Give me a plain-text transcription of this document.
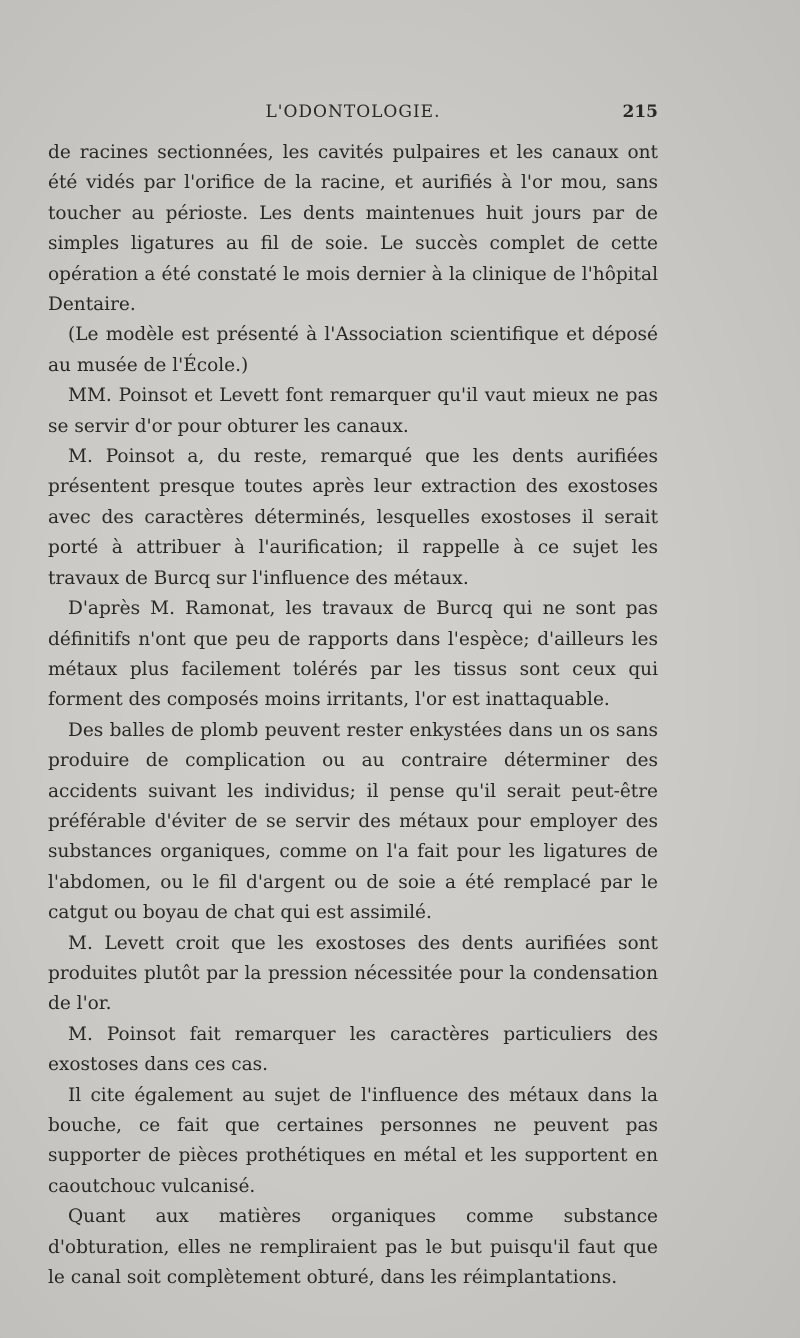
L'ODONTOLOGIE.	215

de racines sectionnées, les cavités pulpaires et les canaux ont été vidés par l'orifice de la racine, et aurifiés à l'or mou, sans toucher au périoste. Les dents maintenues huit jours par de simples ligatures au fil de soie. Le succès complet de cette opération a été constaté le mois dernier à la clinique de l'hôpital Dentaire.

(Le modèle est présenté à l'Association scientifique et déposé au musée de l'École.)

MM. Poinsot et Levett font remarquer qu'il vaut mieux ne pas se servir d'or pour obturer les canaux.

M. Poinsot a, du reste, remarqué que les dents aurifiées présentent presque toutes après leur extraction des exostoses avec des caractères déterminés, lesquelles exostoses il serait porté à attribuer à l'aurification; il rappelle à ce sujet les travaux de Burcq sur l'influence des métaux.

D'après M. Ramonat, les travaux de Burcq qui ne sont pas définitifs n'ont que peu de rapports dans l'espèce; d'ailleurs les métaux plus facilement tolérés par les tissus sont ceux qui forment des composés moins irritants, l'or est inattaquable.

Des balles de plomb peuvent rester enkystées dans un os sans produire de complication ou au contraire déterminer des accidents suivant les individus; il pense qu'il serait peut-être préférable d'éviter de se servir des métaux pour employer des substances organiques, comme on l'a fait pour les ligatures de l'abdomen, ou le fil d'argent ou de soie a été remplacé par le catgut ou boyau de chat qui est assimilé.

M. Levett croit que les exostoses des dents aurifiées sont produites plutôt par la pression nécessitée pour la condensation de l'or.

M. Poinsot fait remarquer les caractères particuliers des exostoses dans ces cas.

Il cite également au sujet de l'influence des métaux dans la bouche, ce fait que certaines personnes ne peuvent pas supporter de pièces prothétiques en métal et les supportent en caoutchouc vulcanisé.

Quant aux matières organiques comme substance d'obturation, elles ne rempliraient pas le but puisqu'il faut que le canal soit complètement obturé, dans les réimplantations.
